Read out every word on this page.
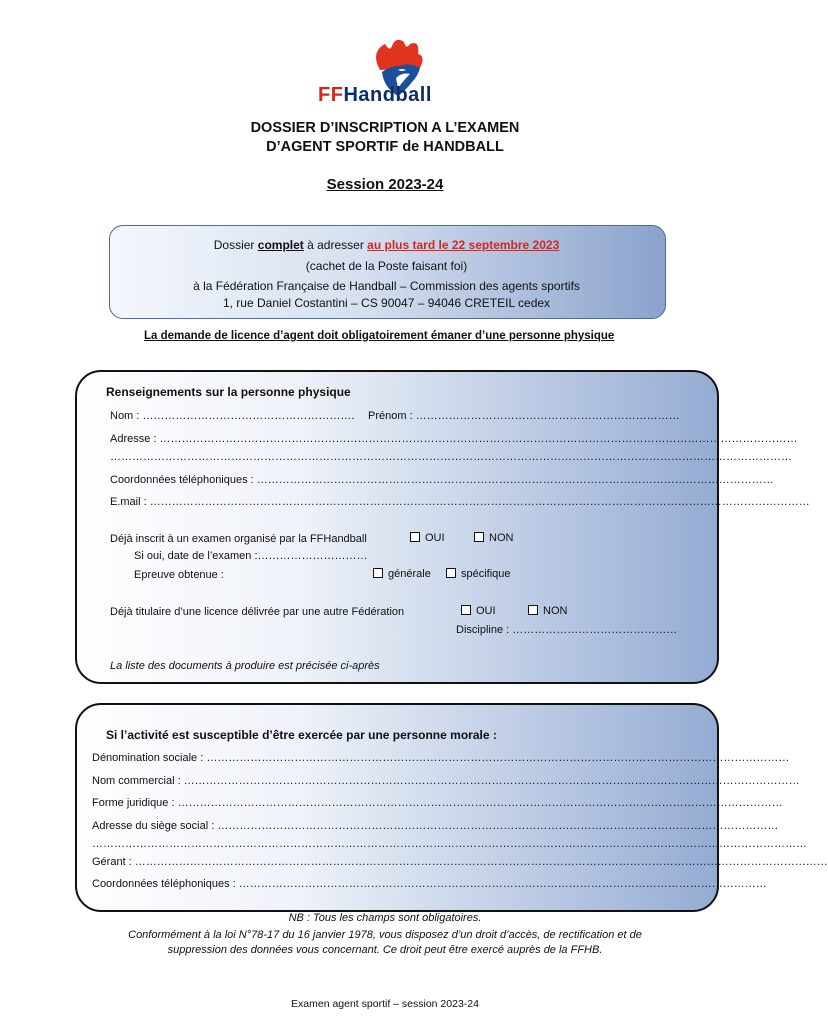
FFHandball
DOSSIER D’INSCRIPTION A L’EXAMEN
D’AGENT SPORTIF de HANDBALL
Session 2023-24
Dossier complet à adresser au plus tard le 22 septembre 2023
(cachet de la Poste faisant foi)
à la Fédération Française de Handball – Commission des agents sportifs
1, rue Daniel Costantini – CS 90047 – 94046 CRETEIL cedex
La demande de licence d’agent doit obligatoirement émaner d’une personne physique
Renseignements sur la personne physique
Nom : …………………………………………………. Prénom : ………………………………………………………………
Adresse : …………………………………………………………………………………………………………………………………………………………
……………………………………………………………………………………………………………………………………………………………………
Coordonnées téléphoniques : ……………………………………………………………………………………………………………………………
E.mail : ………………………………………………………………………………………………………………………………………………………………
Déjà inscrit à un examen organisé par la FFHandball	OUI	NON
Si oui, date de l’examen :…………………………
Epreuve obtenue :	générale	spécifique
Déjà titulaire d’une licence délivrée par une autre Fédération	OUI	NON
Discipline : ………………………………………
La liste des documents à produire est précisée ci-après
Si l’activité est susceptible d’être exercée par une personne morale :
Dénomination sociale : ……………………………………………………………………………………………………………………………………………
Nom commercial : ……………………………………………………………………………………………………………………………………………………
Forme juridique : …………………………………………………………………………………………………………………………………………………
Adresse du siège social : ………………………………………………………………………………………………………………………………………
……………………………………………………………………………………………………………………………………………………………………………
Gérant : ………………………………………………………………………………………………………………………………………………………………………
Coordonnées téléphoniques : ………………………………………………………………………………………………………………………………
NB : Tous les champs sont obligatoires.
Conformément à la loi N°78-17 du 16 janvier 1978, vous disposez d’un droit d’accès, de rectification et de
suppression des données vous concernant. Ce droit peut être exercé auprès de la FFHB.
Examen agent sportif – session 2023-24
